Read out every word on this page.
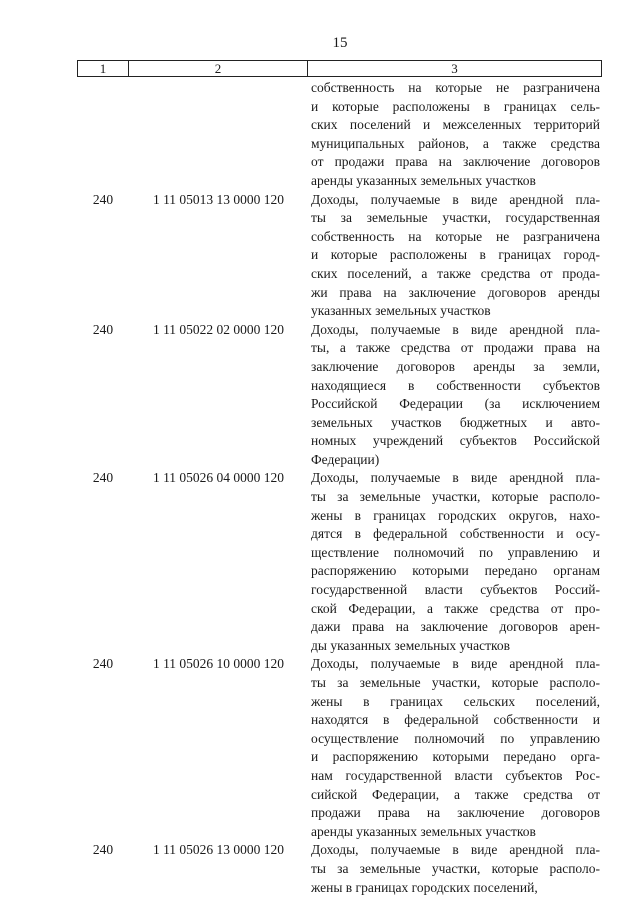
15
1	2	3
собственность на которые не разграничена
и которые расположены в границах сель-
ских поселений и межселенных территорий
муниципальных районов, а также средства
от продажи права на заключение договоров
аренды указанных земельных участков
240	1 11 05013 13 0000 120	Доходы, получаемые в виде арендной пла-
ты за земельные участки, государственная
собственность на которые не разграничена
и которые расположены в границах город-
ских поселений, а также средства от прода-
жи права на заключение договоров аренды
указанных земельных участков
240	1 11 05022 02 0000 120	Доходы, получаемые в виде арендной пла-
ты, а также средства от продажи права на
заключение договоров аренды за земли,
находящиеся в собственности субъектов
Российской Федерации (за исключением
земельных участков бюджетных и авто-
номных учреждений субъектов Российской
Федерации)
240	1 11 05026 04 0000 120	Доходы, получаемые в виде арендной пла-
ты за земельные участки, которые располо-
жены в границах городских округов, нахо-
дятся в федеральной собственности и осу-
ществление полномочий по управлению и
распоряжению которыми передано органам
государственной власти субъектов Россий-
ской Федерации, а также средства от про-
дажи права на заключение договоров арен-
ды указанных земельных участков
240	1 11 05026 10 0000 120	Доходы, получаемые в виде арендной пла-
ты за земельные участки, которые располо-
жены в границах сельских поселений,
находятся в федеральной собственности и
осуществление полномочий по управлению
и распоряжению которыми передано орга-
нам государственной власти субъектов Рос-
сийской Федерации, а также средства от
продажи права на заключение договоров
аренды указанных земельных участков
240	1 11 05026 13 0000 120	Доходы, получаемые в виде арендной пла-
ты за земельные участки, которые располо-
жены в границах городских поселений,
